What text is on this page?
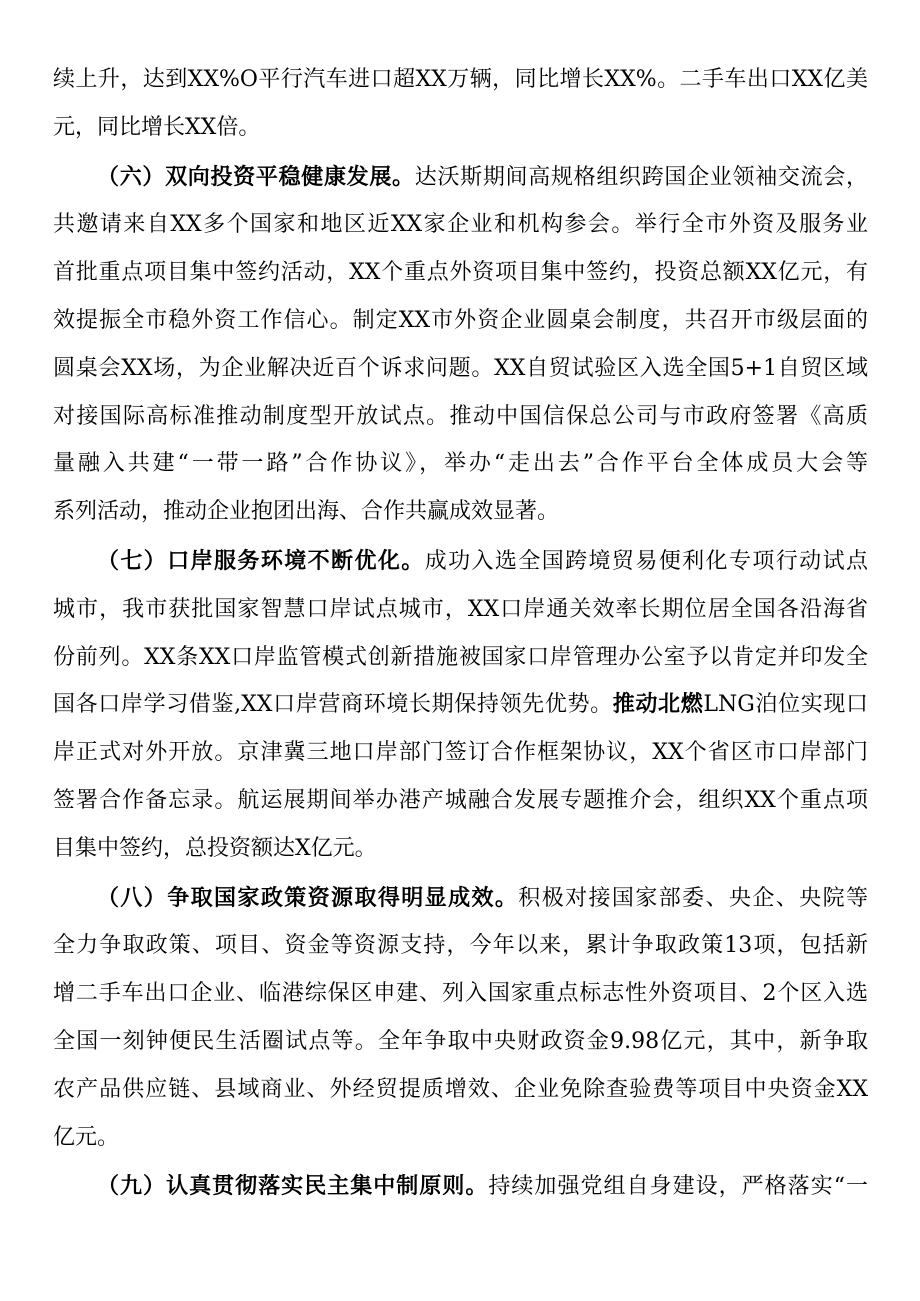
续上升，达到XX%O平行汽车进口超XX万辆，同比增长XX%。二手车出口XX亿美
元，同比增长XX倍。
（六）双向投资平稳健康发展。达沃斯期间高规格组织跨国企业领袖交流会，
共邀请来自XX多个国家和地区近XX家企业和机构参会。举行全市外资及服务业
首批重点项目集中签约活动，XX个重点外资项目集中签约，投资总额XX亿元，有
效提振全市稳外资工作信心。制定XX市外资企业圆桌会制度，共召开市级层面的
圆桌会XX场，为企业解决近百个诉求问题。XX自贸试验区入选全国5+1自贸区域
对接国际高标准推动制度型开放试点。推动中国信保总公司与市政府签署《高质
量融入共建“一带一路”合作协议》，举办“走出去”合作平台全体成员大会等
系列活动，推动企业抱团出海、合作共赢成效显著。
（七）口岸服务环境不断优化。成功入选全国跨境贸易便利化专项行动试点
城市，我市获批国家智慧口岸试点城市，XX口岸通关效率长期位居全国各沿海省
份前列。XX条XX口岸监管模式创新措施被国家口岸管理办公室予以肯定并印发全
国各口岸学习借鉴,XX口岸营商环境长期保持领先优势。推动北燃LNG泊位实现口
岸正式对外开放。京津冀三地口岸部门签订合作框架协议，XX个省区市口岸部门
签署合作备忘录。航运展期间举办港产城融合发展专题推介会，组织XX个重点项
目集中签约，总投资额达X亿元。
（八）争取国家政策资源取得明显成效。积极对接国家部委、央企、央院等
全力争取政策、项目、资金等资源支持，今年以来，累计争取政策13项，包括新
增二手车出口企业、临港综保区申建、列入国家重点标志性外资项目、2个区入选
全国一刻钟便民生活圈试点等。全年争取中央财政资金9.98亿元，其中，新争取
农产品供应链、县域商业、外经贸提质增效、企业免除查验费等项目中央资金XX
亿元。
（九）认真贯彻落实民主集中制原则。持续加强党组自身建设，严格落实“一
